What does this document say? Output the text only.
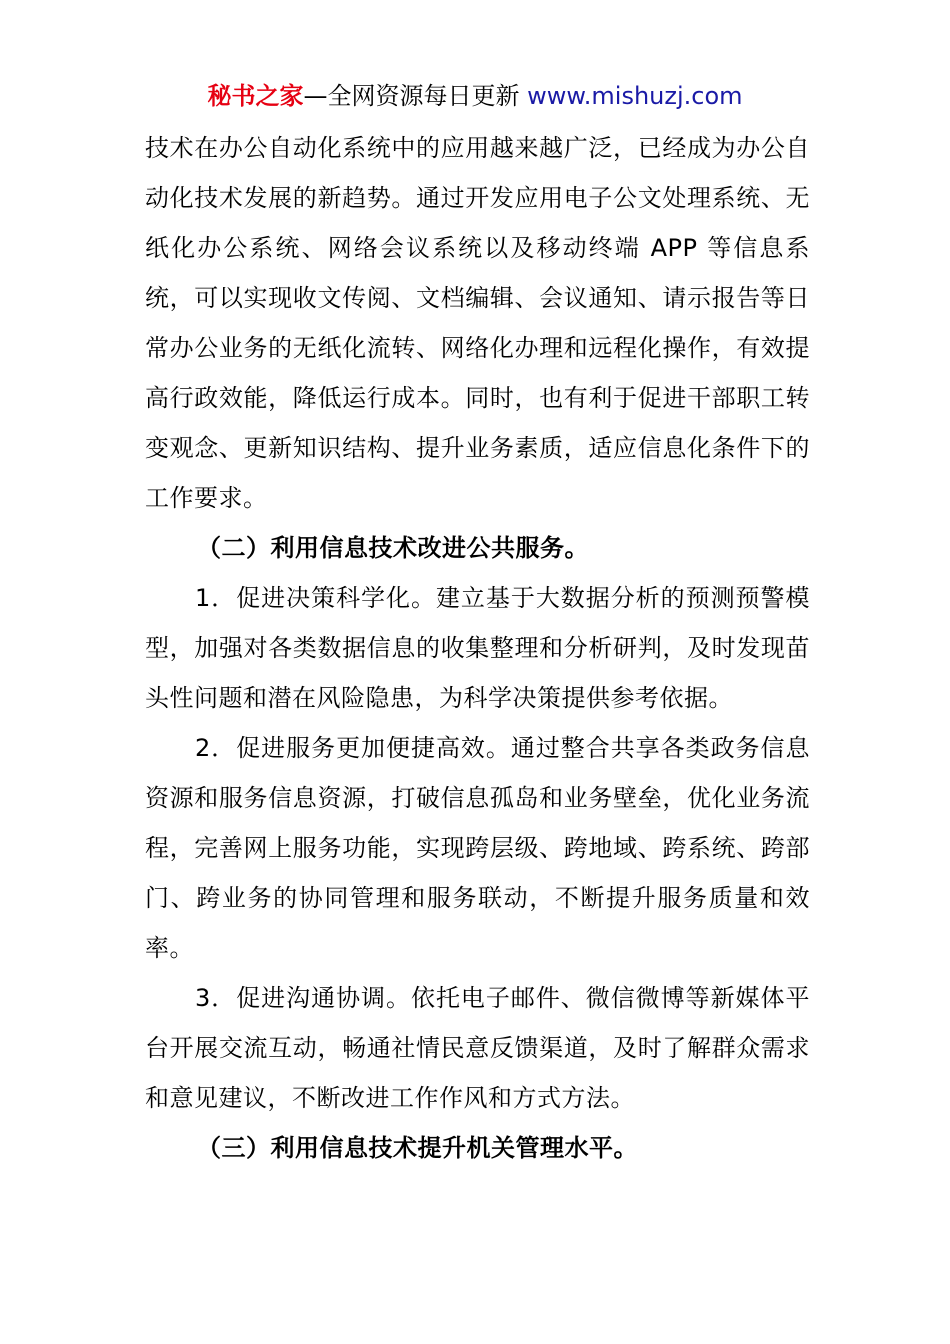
秘书之家—全网资源每日更新 www.mishuzj.com

技术在办公自动化系统中的应用越来越广泛，已经成为办公自动化技术发展的新趋势。通过开发应用电子公文处理系统、无纸化办公系统、网络会议系统以及移动终端 APP 等信息系统，可以实现收文传阅、文档编辑、会议通知、请示报告等日常办公业务的无纸化流转、网络化办理和远程化操作，有效提高行政效能，降低运行成本。同时，也有利于促进干部职工转变观念、更新知识结构、提升业务素质，适应信息化条件下的工作要求。

（二）利用信息技术改进公共服务。

1．促进决策科学化。建立基于大数据分析的预测预警模型，加强对各类数据信息的收集整理和分析研判，及时发现苗头性问题和潜在风险隐患，为科学决策提供参考依据。

2．促进服务更加便捷高效。通过整合共享各类政务信息资源和服务信息资源，打破信息孤岛和业务壁垒，优化业务流程，完善网上服务功能，实现跨层级、跨地域、跨系统、跨部门、跨业务的协同管理和服务联动，不断提升服务质量和效率。

3．促进沟通协调。依托电子邮件、微信微博等新媒体平台开展交流互动，畅通社情民意反馈渠道，及时了解群众需求和意见建议，不断改进工作作风和方式方法。

（三）利用信息技术提升机关管理水平。
